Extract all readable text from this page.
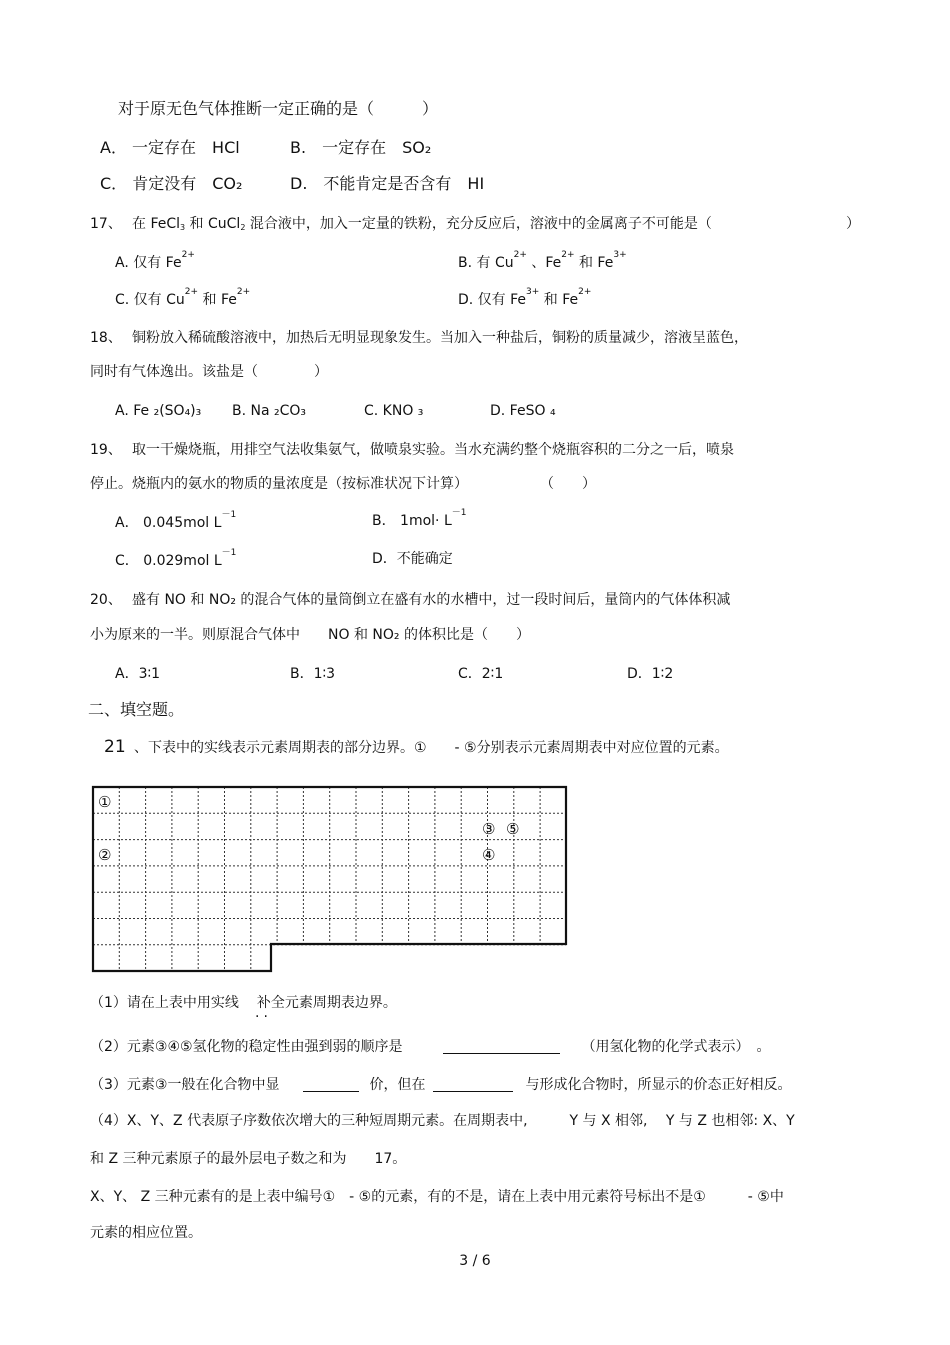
对于原无色气体推断一定正确的是（　　　）
A． 一定存在　HCl	B.　一定存在　SO₂
C． 肯定没有　CO₂	D.　不能肯定是否含有　HI
17、 在 FeCl$_3$ 和 CuCl$_2$ 混合液中，加入一定量的铁粉，充分反应后，溶液中的金属离子不可能是（	）
A. 仅有 $Fe^{2+}$	B. 有 $Cu^{2+}$ 、$Fe^{2+}$ 和 $Fe^{3+}$
C. 仅有 $Cu^{2+}$ 和 $Fe^{2+}$	D. 仅有 $Fe^{3+}$ 和 $Fe^{2+}$
18、 铜粉放入稀硫酸溶液中，加热后无明显现象发生。当加入一种盐后，铜粉的质量减少，溶液呈蓝色，
同时有气体逸出。该盐是（　　　　）
A. Fe ₂(SO₄)₃ B. Na ₂CO₃	C. KNO ₃	D. FeSO ₄
19、 取一干燥烧瓶，用排空气法收集氨气，做喷泉实验。当水充满约整个烧瓶容积的二分之一后，喷泉
停止。烧瓶内的氨水的物质的量浓度是（按标准状况下计算）	（　　）
A． 0.045mol $L^{-1}$	B． $1mol\cdot L^{-1}$
C． 0.029mol $L^{-1}$	D．不能确定
20、 盛有 NO 和 NO₂ 的混合气体的量筒倒立在盛有水的水槽中，过一段时间后，量筒内的气体体积减
小为原来的一半。则原混合气体中　　NO 和 NO₂ 的体积比是（　　）
A．3∶1	B．1∶3	C．2∶1	D．1∶2
二、填空题。
21 、下表中的实线表示元素周期表的部分边界。①　　- ⑤分别表示元素周期表中对应位置的元素。
①
②
③ ⑤
④
（1）请在上表中用实线 补全元素周期表边界。
··
（2）元素③④⑤氢化物的稳定性由强到弱的顺序是	（用氢化物的化学式表示）　。
（3）元素③一般在化合物中显	价，但在	与形成化合物时，所显示的价态正好相反。
（4）X、Y、Z 代表原子序数依次增大的三种短周期元素。在周期表中,　　　Y 与 X 相邻,　 Y 与 Z 也相邻: X、Y
和 Z 三种元素原子的最外层电子数之和为　　17。
X、Y、 Z 三种元素有的是上表中编号①　- ⑤的元素，有的不是，请在上表中用元素符号标出不是①　　　- ⑤中
元素的相应位置。
3 / 6
